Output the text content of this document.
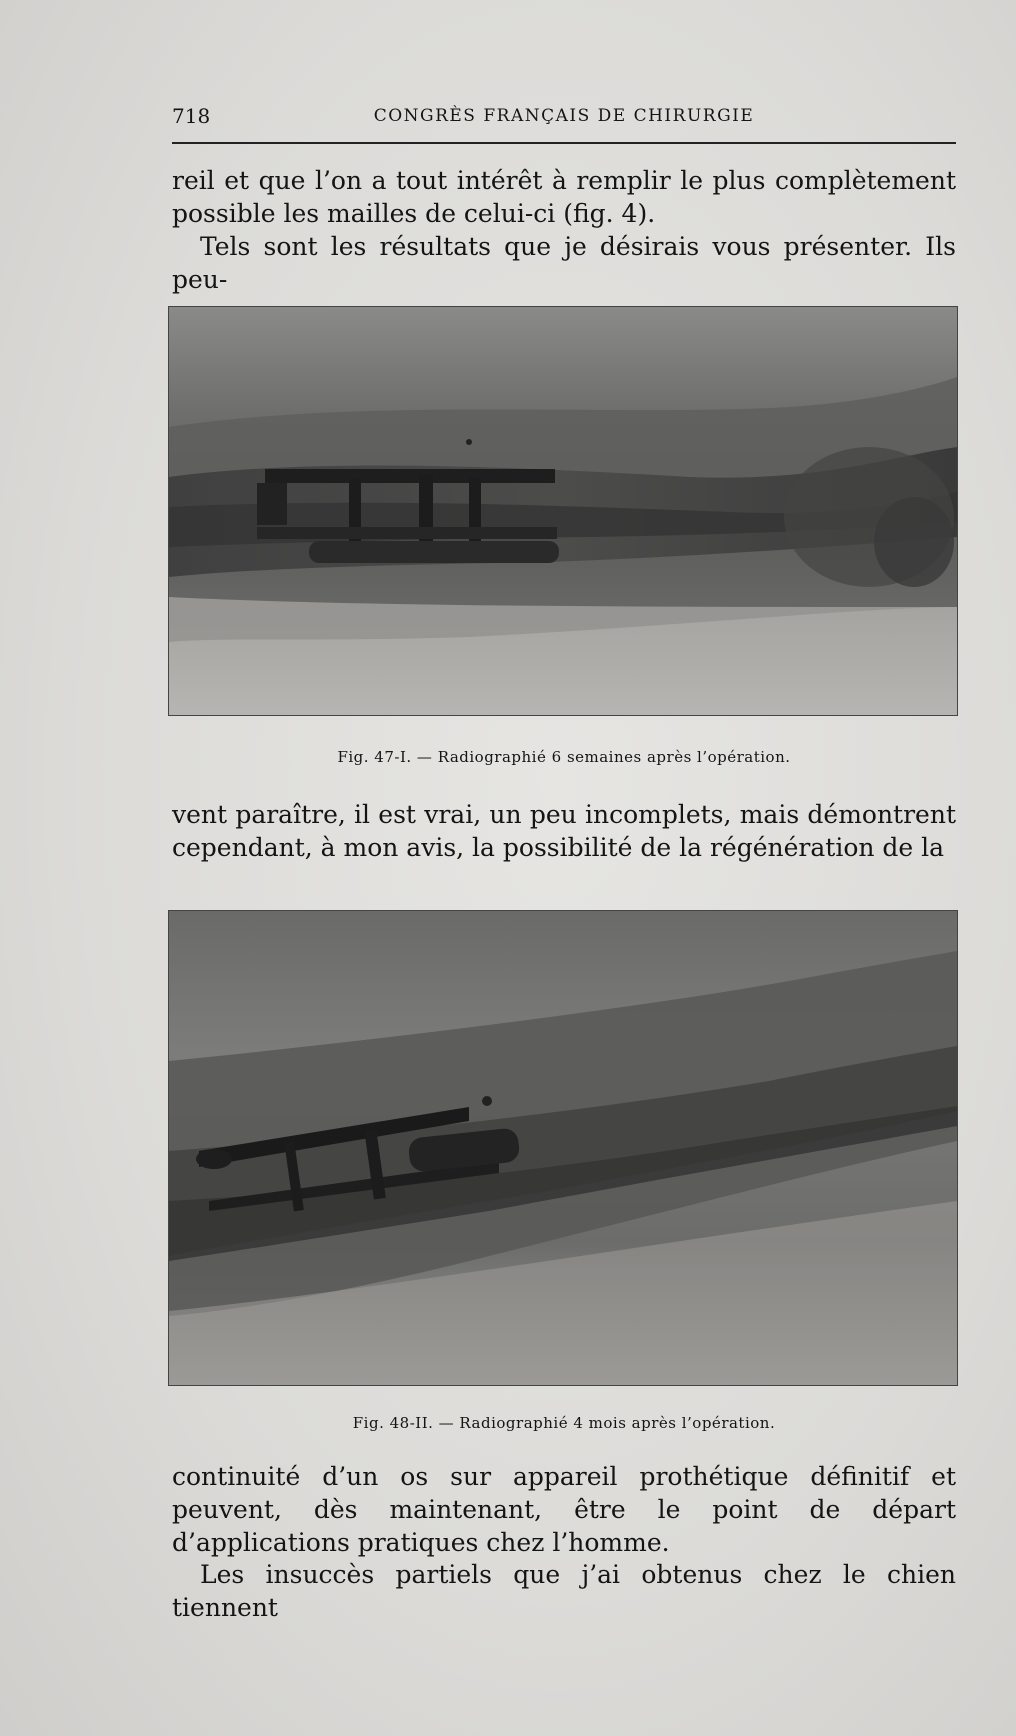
718	CONGRÈS FRANÇAIS DE CHIRURGIE

reil et que l’on a tout intérêt à remplir le plus complètement possible les mailles de celui-ci (fig. 4).

Tels sont les résultats que je désirais vous présenter. Ils peu-

Fig. 47-I. — Radiographié 6 semaines après l’opération.

vent paraître, il est vrai, un peu incomplets, mais démontrent cependant, à mon avis, la possibilité de la régénération de la

Fig. 48-II. — Radiographié 4 mois après l’opération.

continuité d’un os sur appareil prothétique définitif et peuvent, dès maintenant, être le point de départ d’applications pratiques chez l’homme.

Les insuccès partiels que j’ai obtenus chez le chien tiennent
